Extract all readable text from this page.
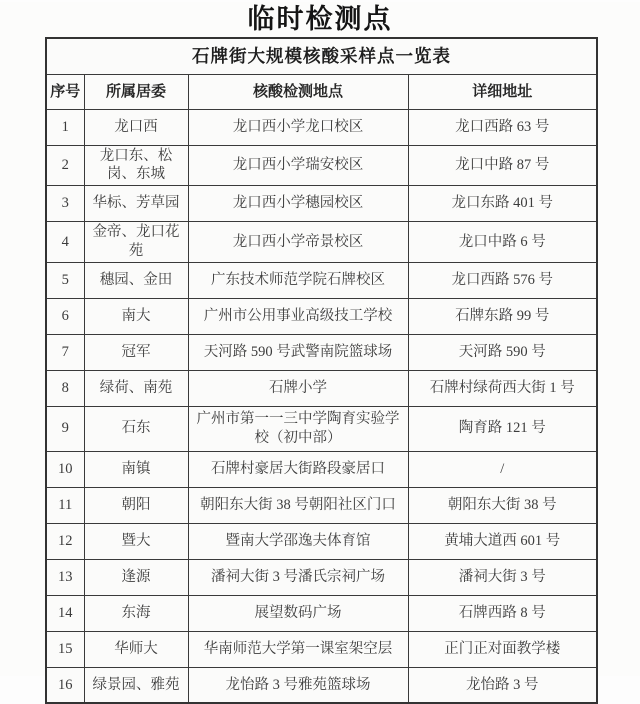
临时检测点
石牌街大规模核酸采样点一览表			
序号	所属居委	核酸检测地点	详细地址
1	龙口西	龙口西小学龙口校区	龙口西路 63 号
2	龙口东、松岗、东城	龙口西小学瑞安校区	龙口中路 87 号
3	华标、芳草园	龙口西小学穗园校区	龙口东路 401 号
4	金帝、龙口花苑	龙口西小学帝景校区	龙口中路 6 号
5	穗园、金田	广东技术师范学院石牌校区	龙口西路 576 号
6	南大	广州市公用事业高级技工学校	石牌东路 99 号
7	冠军	天河路 590 号武警南院篮球场	天河路 590 号
8	绿荷、南苑	石牌小学	石牌村绿荷西大街 1 号
9	石东	广州市第一一三中学陶育实验学校（初中部）	陶育路 121 号
10	南镇	石牌村豪居大街路段豪居口	/
11	朝阳	朝阳东大街 38 号朝阳社区门口	朝阳东大街 38 号
12	暨大	暨南大学邵逸夫体育馆	黄埔大道西 601 号
13	逢源	潘祠大街 3 号潘氏宗祠广场	潘祠大街 3 号
14	东海	展望数码广场	石牌西路 8 号
15	华师大	华南师范大学第一课室架空层	正门正对面教学楼
16	绿景园、雅苑	龙怡路 3 号雅苑篮球场	龙怡路 3 号
